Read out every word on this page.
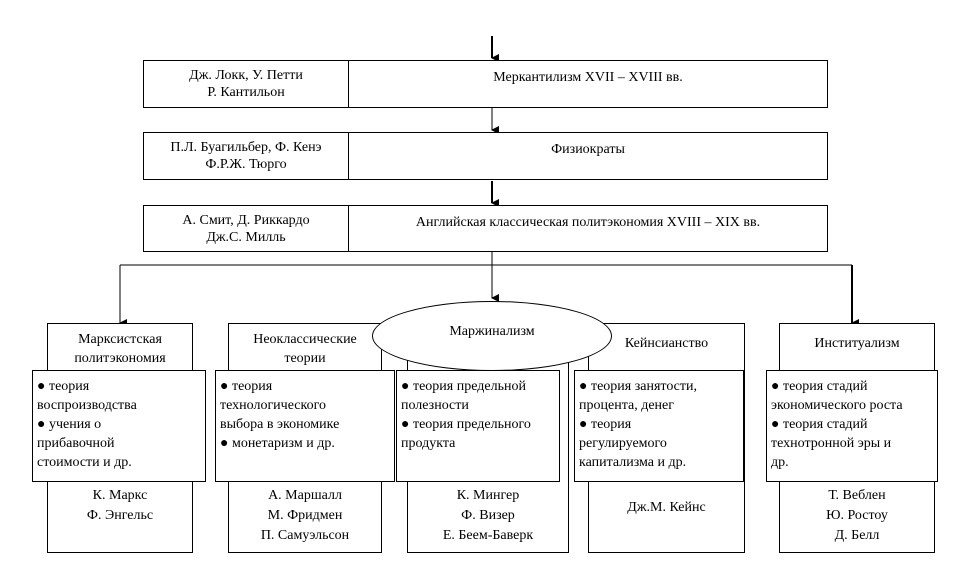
Дж. Локк, У. Петти
Р. Кантильон
Меркантилизм XVII – XVIII вв.
П.Л. Буагильбер, Ф. Кенэ
Ф.Р.Ж. Тюрго
Физиократы
А. Смит, Д. Риккардо
Дж.С. Милль
Английская классическая политэкономия XVIII – XIX вв.
Марксистская
политэкономия
● теория
воспроизводства
● учения о
прибавочной
стоимости и др.
К. Маркс
Ф. Энгельс
Неоклассические
теории
● теория
технологического
выбора в экономике
● монетаризм и др.
А. Маршалл
М. Фридмен
П. Самуэльсон
● теория предельной
полезности
● теория предельного
продукта
К. Мингер
Ф. Визер
Е. Беем-Баверк
Кейнсианство
● теория занятости,
процента, денег
● теория
регулируемого
капитализма и др.
Дж.М. Кейнс
Институализм
● теория стадий
экономического роста
● теория стадий
технотронной эры и
др.
Т. Веблен
Ю. Ростоу
Д. Белл
Маржинализм
